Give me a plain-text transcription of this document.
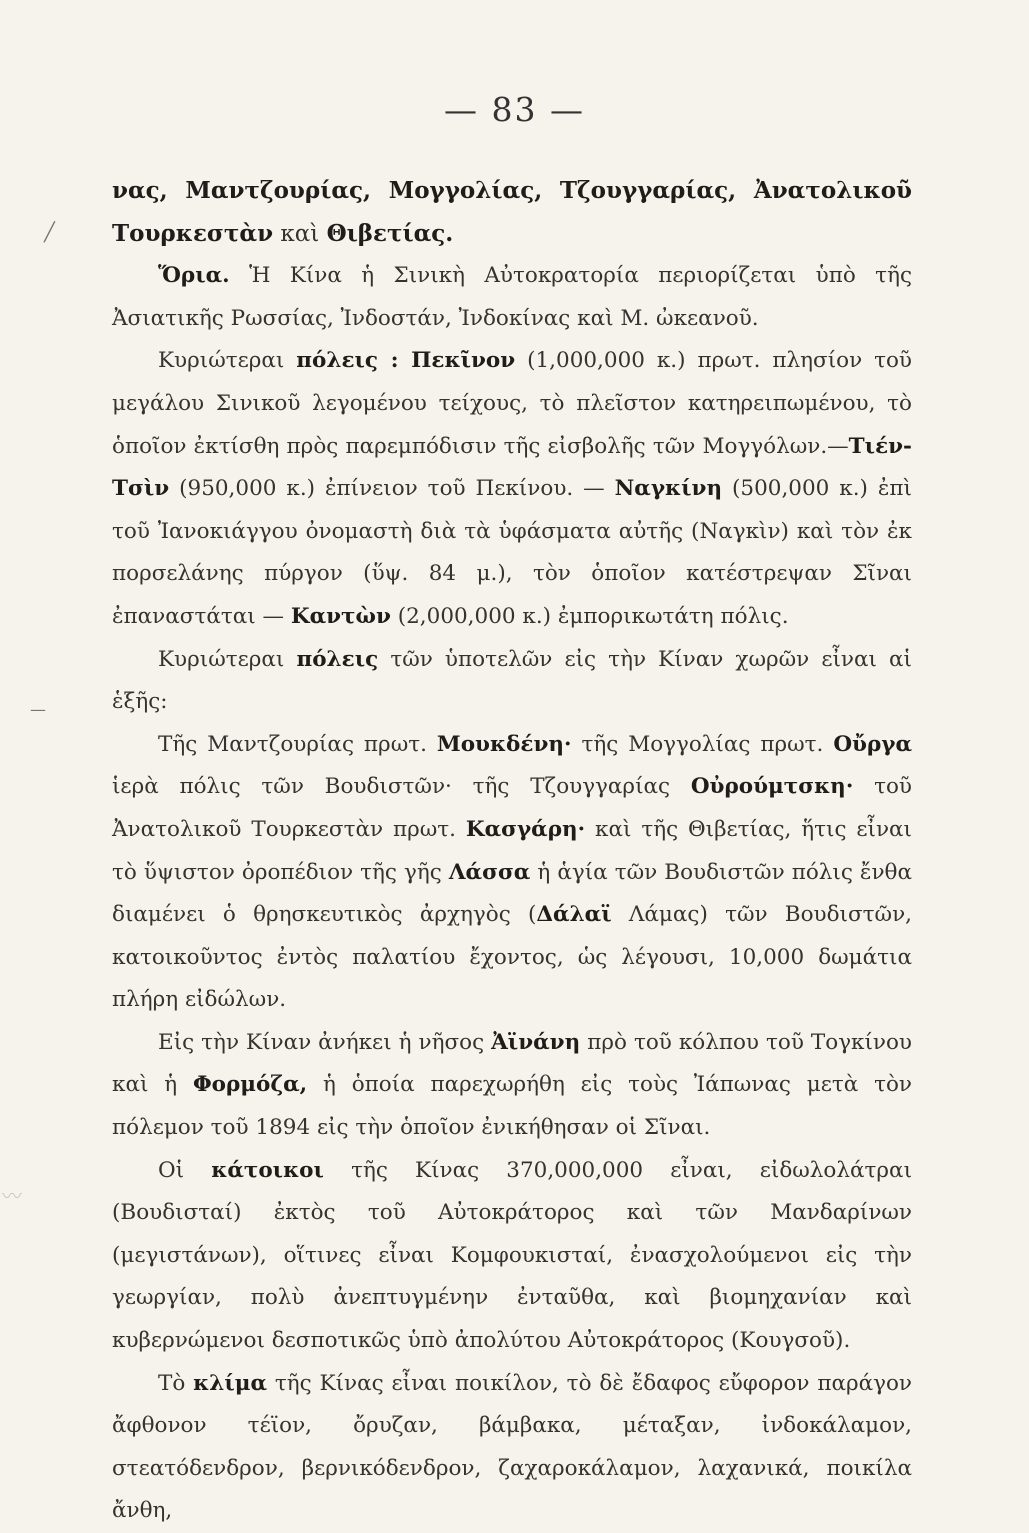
— 83 —

νας, Μαντζουρίας, Μογγολίας, Τζουγγαρίας, Ἀνατολικοῦ Τουρκεστὰν καὶ Θιβετίας.

Ὅρια. Ἡ Κίνα ἡ Σινικὴ Αὐτοκρατορία περιορίζεται ὑπὸ τῆς Ἀσιατικῆς Ρωσσίας, Ἰνδοστάν, Ἰνδοκίνας καὶ Μ. ὠκεανοῦ.

Κυριώτεραι πόλεις : Πεκῖνον (1,000,000 κ.) πρωτ. πλησίον τοῦ μεγάλου Σινικοῦ λεγομένου τείχους, τὸ πλεῖστον κατηρειπωμένου, τὸ ὁποῖον ἐκτίσθη πρὸς παρεμπόδισιν τῆς εἰσβολῆς τῶν Μογγόλων.—Τιέν-Τσὶν (950,000 κ.) ἐπίνειον τοῦ Πεκίνου. — Ναγκίνη (500,000 κ.) ἐπὶ τοῦ Ἰανοκιάγγου ὀνομαστὴ διὰ τὰ ὑφάσματα αὐτῆς (Ναγκὶν) καὶ τὸν ἐκ πορσελάνης πύργον (ὕψ. 84 μ.), τὸν ὁποῖον κατέστρεψαν Σῖναι ἐπαναστάται — Καντὼν (2,000,000 κ.) ἐμπορικωτάτη πόλις.

Κυριώτεραι πόλεις τῶν ὑποτελῶν εἰς τὴν Κίναν χωρῶν εἶναι αἱ ἑξῆς:

Τῆς Μαντζουρίας πρωτ. Μουκδένη· τῆς Μογγολίας πρωτ. Οὔργα ἱερὰ πόλις τῶν Βουδιστῶν· τῆς Τζουγγαρίας Οὐρούμτσκη· τοῦ Ἀνατολικοῦ Τουρκεστὰν πρωτ. Κασγάρη· καὶ τῆς Θιβετίας, ἥτις εἶναι τὸ ὕψιστον ὀροπέδιον τῆς γῆς Λάσσα ἡ ἁγία τῶν Βουδιστῶν πόλις ἔνθα διαμένει ὁ θρησκευτικὸς ἀρχηγὸς (Δάλαϊ Λάμας) τῶν Βουδιστῶν, κατοικοῦντος ἐντὸς παλατίου ἔχοντος, ὡς λέγουσι, 10,000 δωμάτια πλήρη εἰδώλων.

Εἰς τὴν Κίναν ἀνήκει ἡ νῆσος Ἀϊνάνη πρὸ τοῦ κόλπου τοῦ Τογκίνου καὶ ἡ Φορμόζα, ἡ ὁποία παρεχωρήθη εἰς τοὺς Ἰάπωνας μετὰ τὸν πόλεμον τοῦ 1894 εἰς τὴν ὁποῖον ἐνικήθησαν οἱ Σῖναι.

Οἱ κάτοικοι τῆς Κίνας 370,000,000 εἶναι, εἰδωλολάτραι (Βουδισταί) ἐκτὸς τοῦ Αὐτοκράτορος καὶ τῶν Μανδαρίνων (μεγιστάνων), οἵτινες εἶναι Κομφουκισταί, ἐνασχολούμενοι εἰς τὴν γεωργίαν, πολὺ ἀνεπτυγμένην ἐνταῦθα, καὶ βιομηχανίαν καὶ κυβερνώμενοι δεσποτικῶς ὑπὸ ἀπολύτου Αὐτοκράτορος (Κουγσοῦ).

Τὸ κλίμα τῆς Κίνας εἶναι ποικίλον, τὸ δὲ ἔδαφος εὔφορον παράγον ἄφθονον τέϊον, ὄρυζαν, βάμβακα, μέταξαν, ἰνδοκάλαμον, στεατόδενδρον, βερνικόδενδρον, ζαχαροκάλαμον, λαχανικά, ποικίλα ἄνθη,

╱
—
〰
